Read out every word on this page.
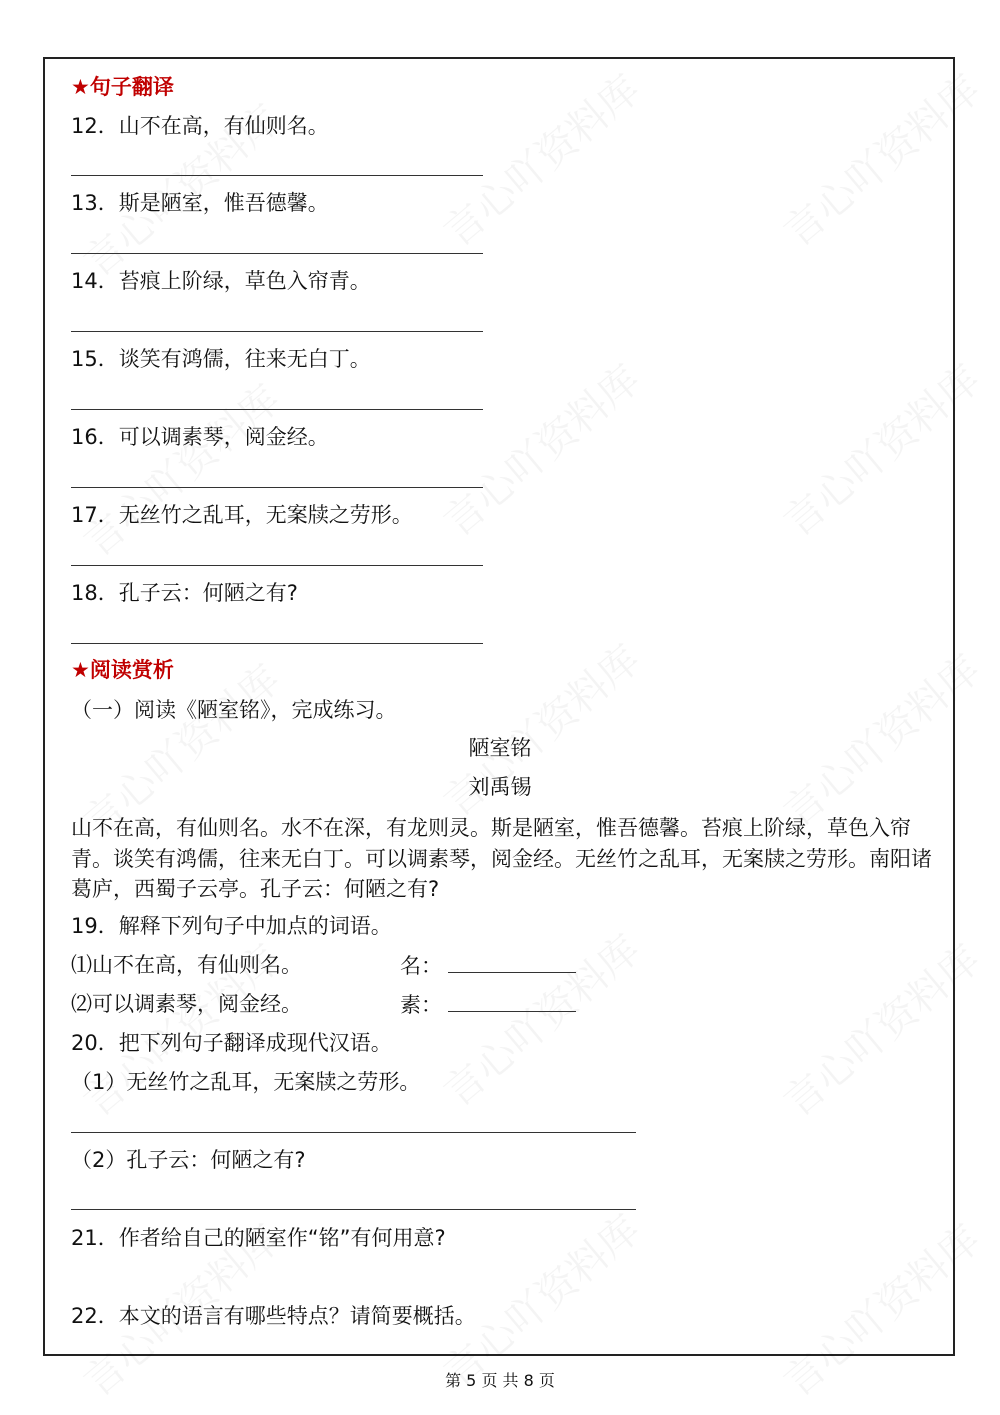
★句子翻译
12．山不在高，有仙则名。
13．斯是陋室，惟吾德馨。
14．苔痕上阶绿，草色入帘青。
15．谈笑有鸿儒，往来无白丁。
16．可以调素琴，阅金经。
17．无丝竹之乱耳，无案牍之劳形。
18．孔子云：何陋之有?
★阅读赏析
（一）阅读《陋室铭》，完成练习。
陋室铭
刘禹锡
山不在高，有仙则名。水不在深，有龙则灵。斯是陋室，惟吾德馨。苔痕上阶绿，草色入帘青。谈笑有鸿儒，往来无白丁。可以调素琴，阅金经。无丝竹之乱耳，无案牍之劳形。南阳诸葛庐，西蜀子云亭。孔子云：何陋之有?
19．解释下列句子中加点的词语。
⑴山不在高，有仙则名。	名：
⑵可以调素琴，阅金经。	素：
20．把下列句子翻译成现代汉语。
（1）无丝竹之乱耳，无案牍之劳形。
（2）孔子云：何陋之有?
21．作者给自己的陋室作“铭”有何用意?
22．本文的语言有哪些特点？请简要概括。
第 5 页 共 8 页
